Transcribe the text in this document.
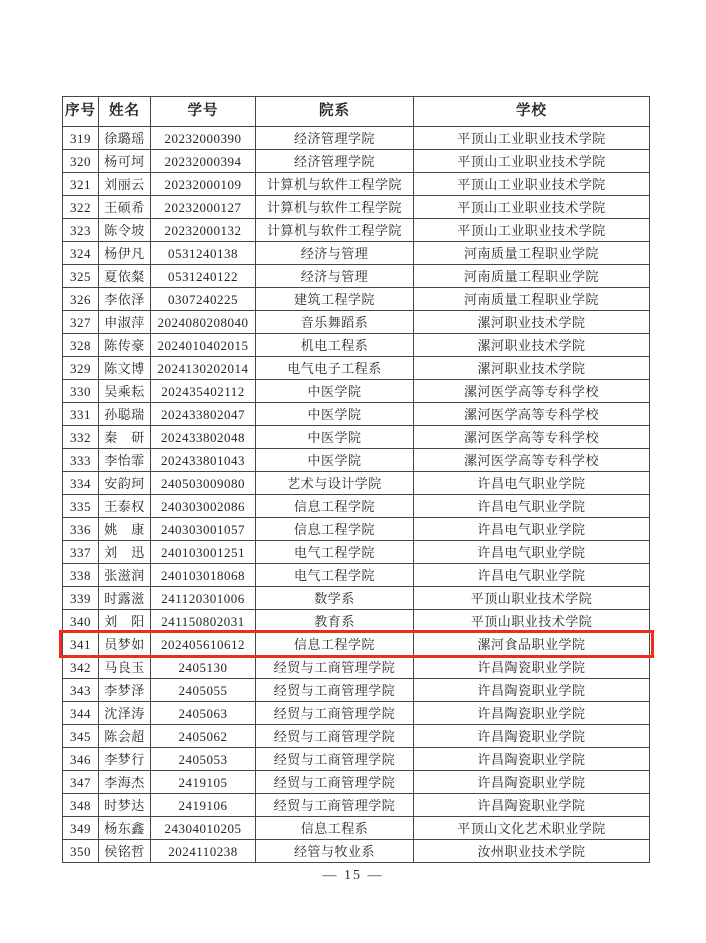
序号 姓名	学号	院系	学校
319	徐璐瑶	20232000390	经济管理学院	平顶山工业职业技术学院
320	杨可坷	20232000394	经济管理学院	平顶山工业职业技术学院
321	刘丽云	20232000109	计算机与软件工程学院	平顶山工业职业技术学院
322	王硕希	20232000127	计算机与软件工程学院	平顶山工业职业技术学院
323	陈令坡	20232000132	计算机与软件工程学院	平顶山工业职业技术学院
324	杨伊凡	0531240138	经济与管理	河南质量工程职业学院
325	夏依粲	0531240122	经济与管理	河南质量工程职业学院
326	李依泽	0307240225	建筑工程学院	河南质量工程职业学院
327	申淑萍 2024080208040	音乐舞蹈系	漯河职业技术学院
328	陈传豪 2024010402015	机电工程系	漯河职业技术学院
329	陈文博 2024130202014	电气电子工程系	漯河职业技术学院
330	吴乘耘	202435402112	中医学院	漯河医学高等专科学校
331	孙聪瑞	202433802047	中医学院	漯河医学高等专科学校
332	秦　研	202433802048	中医学院	漯河医学高等专科学校
333	李怡霏	202433801043	中医学院	漯河医学高等专科学校
334	安韵珂	240503009080	艺术与设计学院	许昌电气职业学院
335	王泰权	240303002086	信息工程学院	许昌电气职业学院
336	姚　康	240303001057	信息工程学院	许昌电气职业学院
337	刘　迅	240103001251	电气工程学院	许昌电气职业学院
338	张滋润	240103018068	电气工程学院	许昌电气职业学院
339	时露滋	241120301006	数学系	平顶山职业技术学院
340	刘　阳	241150802031	教育系	平顶山职业技术学院
341	员梦如	202405610612	信息工程学院	漯河食品职业学院
342	马良玉	2405130	经贸与工商管理学院	许昌陶瓷职业学院
343	李梦泽	2405055	经贸与工商管理学院	许昌陶瓷职业学院
344	沈泽涛	2405063	经贸与工商管理学院	许昌陶瓷职业学院
345	陈会超	2405062	经贸与工商管理学院	许昌陶瓷职业学院
346	李梦行	2405053	经贸与工商管理学院	许昌陶瓷职业学院
347	李海杰	2419105	经贸与工商管理学院	许昌陶瓷职业学院
348	时梦达	2419106	经贸与工商管理学院	许昌陶瓷职业学院
349	杨东鑫	24304010205	信息工程系	平顶山文化艺术职业学院
350	侯铭哲	2024110238	经管与牧业系	汝州职业技术学院
— 15 —
